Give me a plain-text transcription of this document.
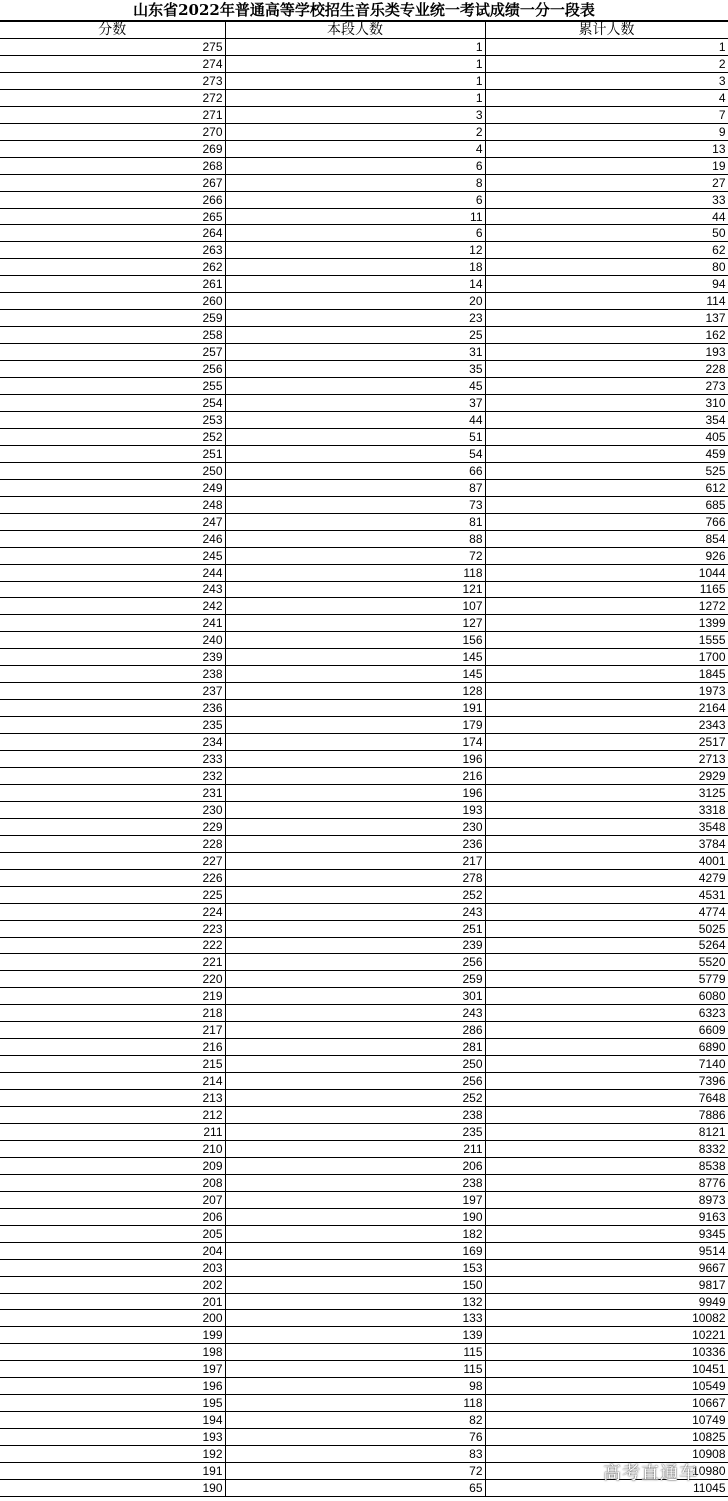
山东省2022年普通高等学校招生音乐类专业统一考试成绩一分一段表
分数	本段人数	累计人数
275	1	1
274	1	2
273	1	3
272	1	4
271	3	7
270	2	9
269	4	13
268	6	19
267	8	27
266	6	33
265	11	44
264	6	50
263	12	62
262	18	80
261	14	94
260	20	114
259	23	137
258	25	162
257	31	193
256	35	228
255	45	273
254	37	310
253	44	354
252	51	405
251	54	459
250	66	525
249	87	612
248	73	685
247	81	766
246	88	854
245	72	926
244	118	1044
243	121	1165
242	107	1272
241	127	1399
240	156	1555
239	145	1700
238	145	1845
237	128	1973
236	191	2164
235	179	2343
234	174	2517
233	196	2713
232	216	2929
231	196	3125
230	193	3318
229	230	3548
228	236	3784
227	217	4001
226	278	4279
225	252	4531
224	243	4774
223	251	5025
222	239	5264
221	256	5520
220	259	5779
219	301	6080
218	243	6323
217	286	6609
216	281	6890
215	250	7140
214	256	7396
213	252	7648
212	238	7886
211	235	8121
210	211	8332
209	206	8538
208	238	8776
207	197	8973
206	190	9163
205	182	9345
204	169	9514
203	153	9667
202	150	9817
201	132	9949
200	133	10082
199	139	10221
198	115	10336
197	115	10451
196	98	10549
195	118	10667
194	82	10749
193	76	10825
192	83	10908
191	72	10980
190	65	11045
高考直通车
